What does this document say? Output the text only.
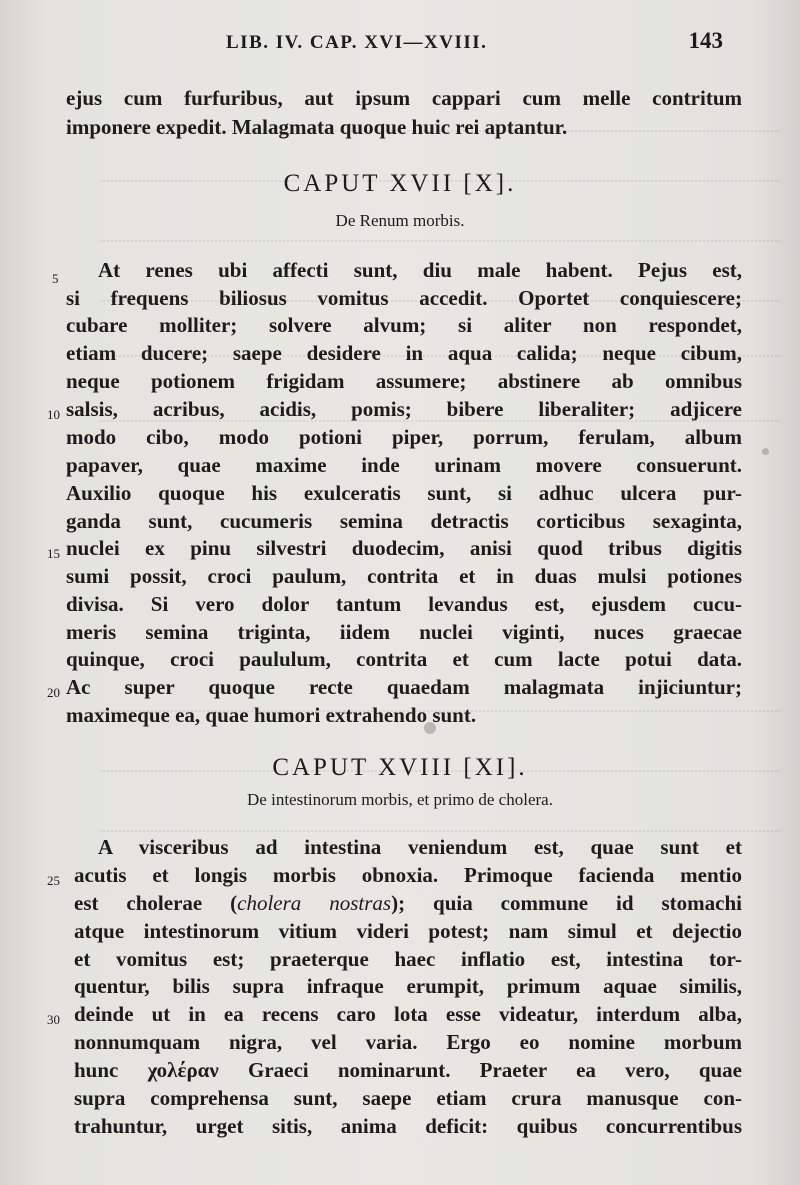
LIB. IV. CAP. XVI—XVIII.	143
ejus cum furfuribus, aut ipsum cappari cum melle contritum
imponere expedit. Malagmata quoque huic rei aptantur.
CAPUT XVII [X].
De Renum morbis.
At renes ubi affecti sunt, diu male habent. Pejus est,
si frequens biliosus vomitus accedit. Oportet conquiescere;
cubare molliter; solvere alvum; si aliter non respondet,
etiam ducere; saepe desidere in aqua calida; neque cibum,
neque potionem frigidam assumere; abstinere ab omnibus
salsis, acribus, acidis, pomis; bibere liberaliter; adjicere
modo cibo, modo potioni piper, porrum, ferulam, album
papaver, quae maxime inde urinam movere consuerunt.
Auxilio quoque his exulceratis sunt, si adhuc ulcera pur-
ganda sunt, cucumeris semina detractis corticibus sexaginta,
nuclei ex pinu silvestri duodecim, anisi quod tribus digitis
sumi possit, croci paulum, contrita et in duas mulsi potiones
divisa. Si vero dolor tantum levandus est, ejusdem cucu-
meris semina triginta, iidem nuclei viginti, nuces graecae
quinque, croci paululum, contrita et cum lacte potui data.
Ac super quoque recte quaedam malagmata injiciuntur;
maximeque ea, quae humori extrahendo sunt.
CAPUT XVIII [XI].
De intestinorum morbis, et primo de cholera.
A visceribus ad intestina veniendum est, quae sunt et
acutis et longis morbis obnoxia. Primoque facienda mentio
est cholerae (cholera nostras); quia commune id stomachi
atque intestinorum vitium videri potest; nam simul et dejectio
et vomitus est; praeterque haec inflatio est, intestina tor-
quentur, bilis supra infraque erumpit, primum aquae similis,
deinde ut in ea recens caro lota esse videatur, interdum alba,
nonnumquam nigra, vel varia. Ergo eo nomine morbum
hunc χολέραν Graeci nominarunt. Praeter ea vero, quae
supra comprehensa sunt, saepe etiam crura manusque con-
trahuntur, urget sitis, anima deficit: quibus concurrentibus
5
10
15
20
25
30
